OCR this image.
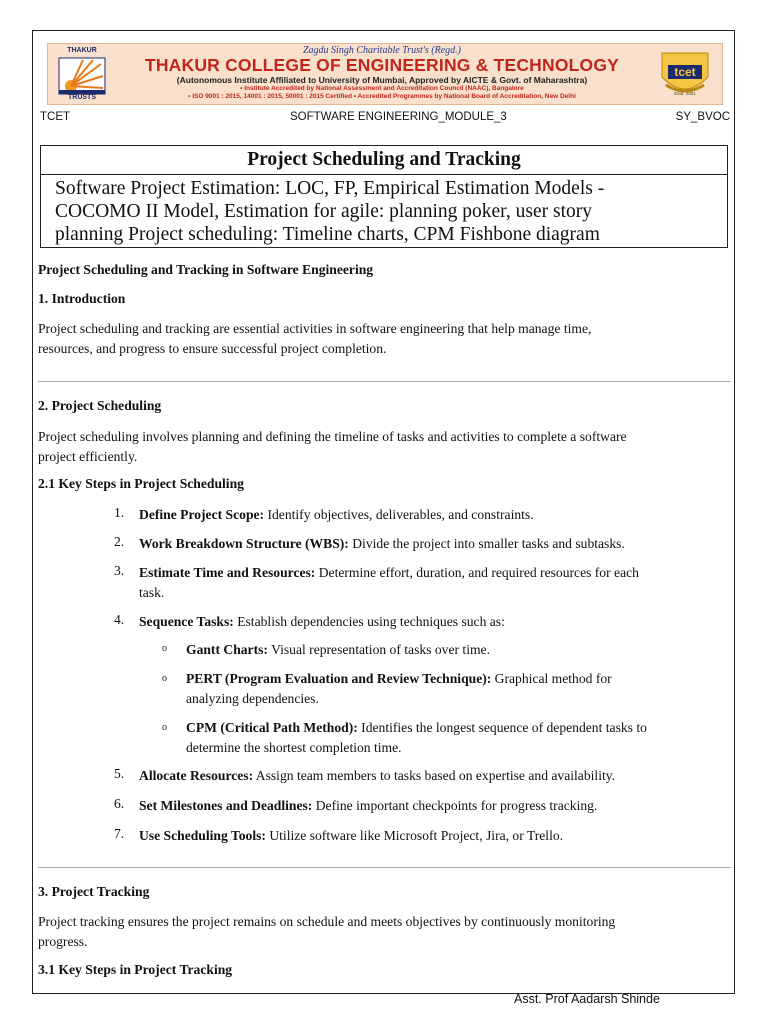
THAKUR
TRUSTS
Zagdu Singh Charitable Trust's (Regd.)
THAKUR COLLEGE OF ENGINEERING & TECHNOLOGY
(Autonomous Institute Affiliated to University of Mumbai, Approved by AICTE & Govt. of Maharashtra)
• Institute Accredited by National Assessment and Accreditation Council (NAAC), Bangalore
• ISO 9001 : 2015, 14001 : 2015, 50001 : 2015 Certified • Accredited Programmes by National Board of Accreditation, New Delhi
tcet
Estd. 2001
TCET	SOFTWARE ENGINEERING_MODULE_3	SY_BVOC
Project Scheduling and Tracking
Software Project Estimation: LOC, FP, Empirical Estimation Models -
COCOMO II Model, Estimation for agile: planning poker, user story
planning Project scheduling: Timeline charts, CPM Fishbone diagram
Project Scheduling and Tracking in Software Engineering
1. Introduction
Project scheduling and tracking are essential activities in software engineering that help manage time,
resources, and progress to ensure successful project completion.
2. Project Scheduling
Project scheduling involves planning and defining the timeline of tasks and activities to complete a software
project efficiently.
2.1 Key Steps in Project Scheduling
1. Define Project Scope: Identify objectives, deliverables, and constraints.
2. Work Breakdown Structure (WBS): Divide the project into smaller tasks and subtasks.
3. Estimate Time and Resources: Determine effort, duration, and required resources for each
task.
4. Sequence Tasks: Establish dependencies using techniques such as:
o Gantt Charts: Visual representation of tasks over time.
o PERT (Program Evaluation and Review Technique): Graphical method for
analyzing dependencies.
o CPM (Critical Path Method): Identifies the longest sequence of dependent tasks to
determine the shortest completion time.
5. Allocate Resources: Assign team members to tasks based on expertise and availability.
6. Set Milestones and Deadlines: Define important checkpoints for progress tracking.
7. Use Scheduling Tools: Utilize software like Microsoft Project, Jira, or Trello.
3. Project Tracking
Project tracking ensures the project remains on schedule and meets objectives by continuously monitoring
progress.
3.1 Key Steps in Project Tracking
Asst. Prof Aadarsh Shinde
